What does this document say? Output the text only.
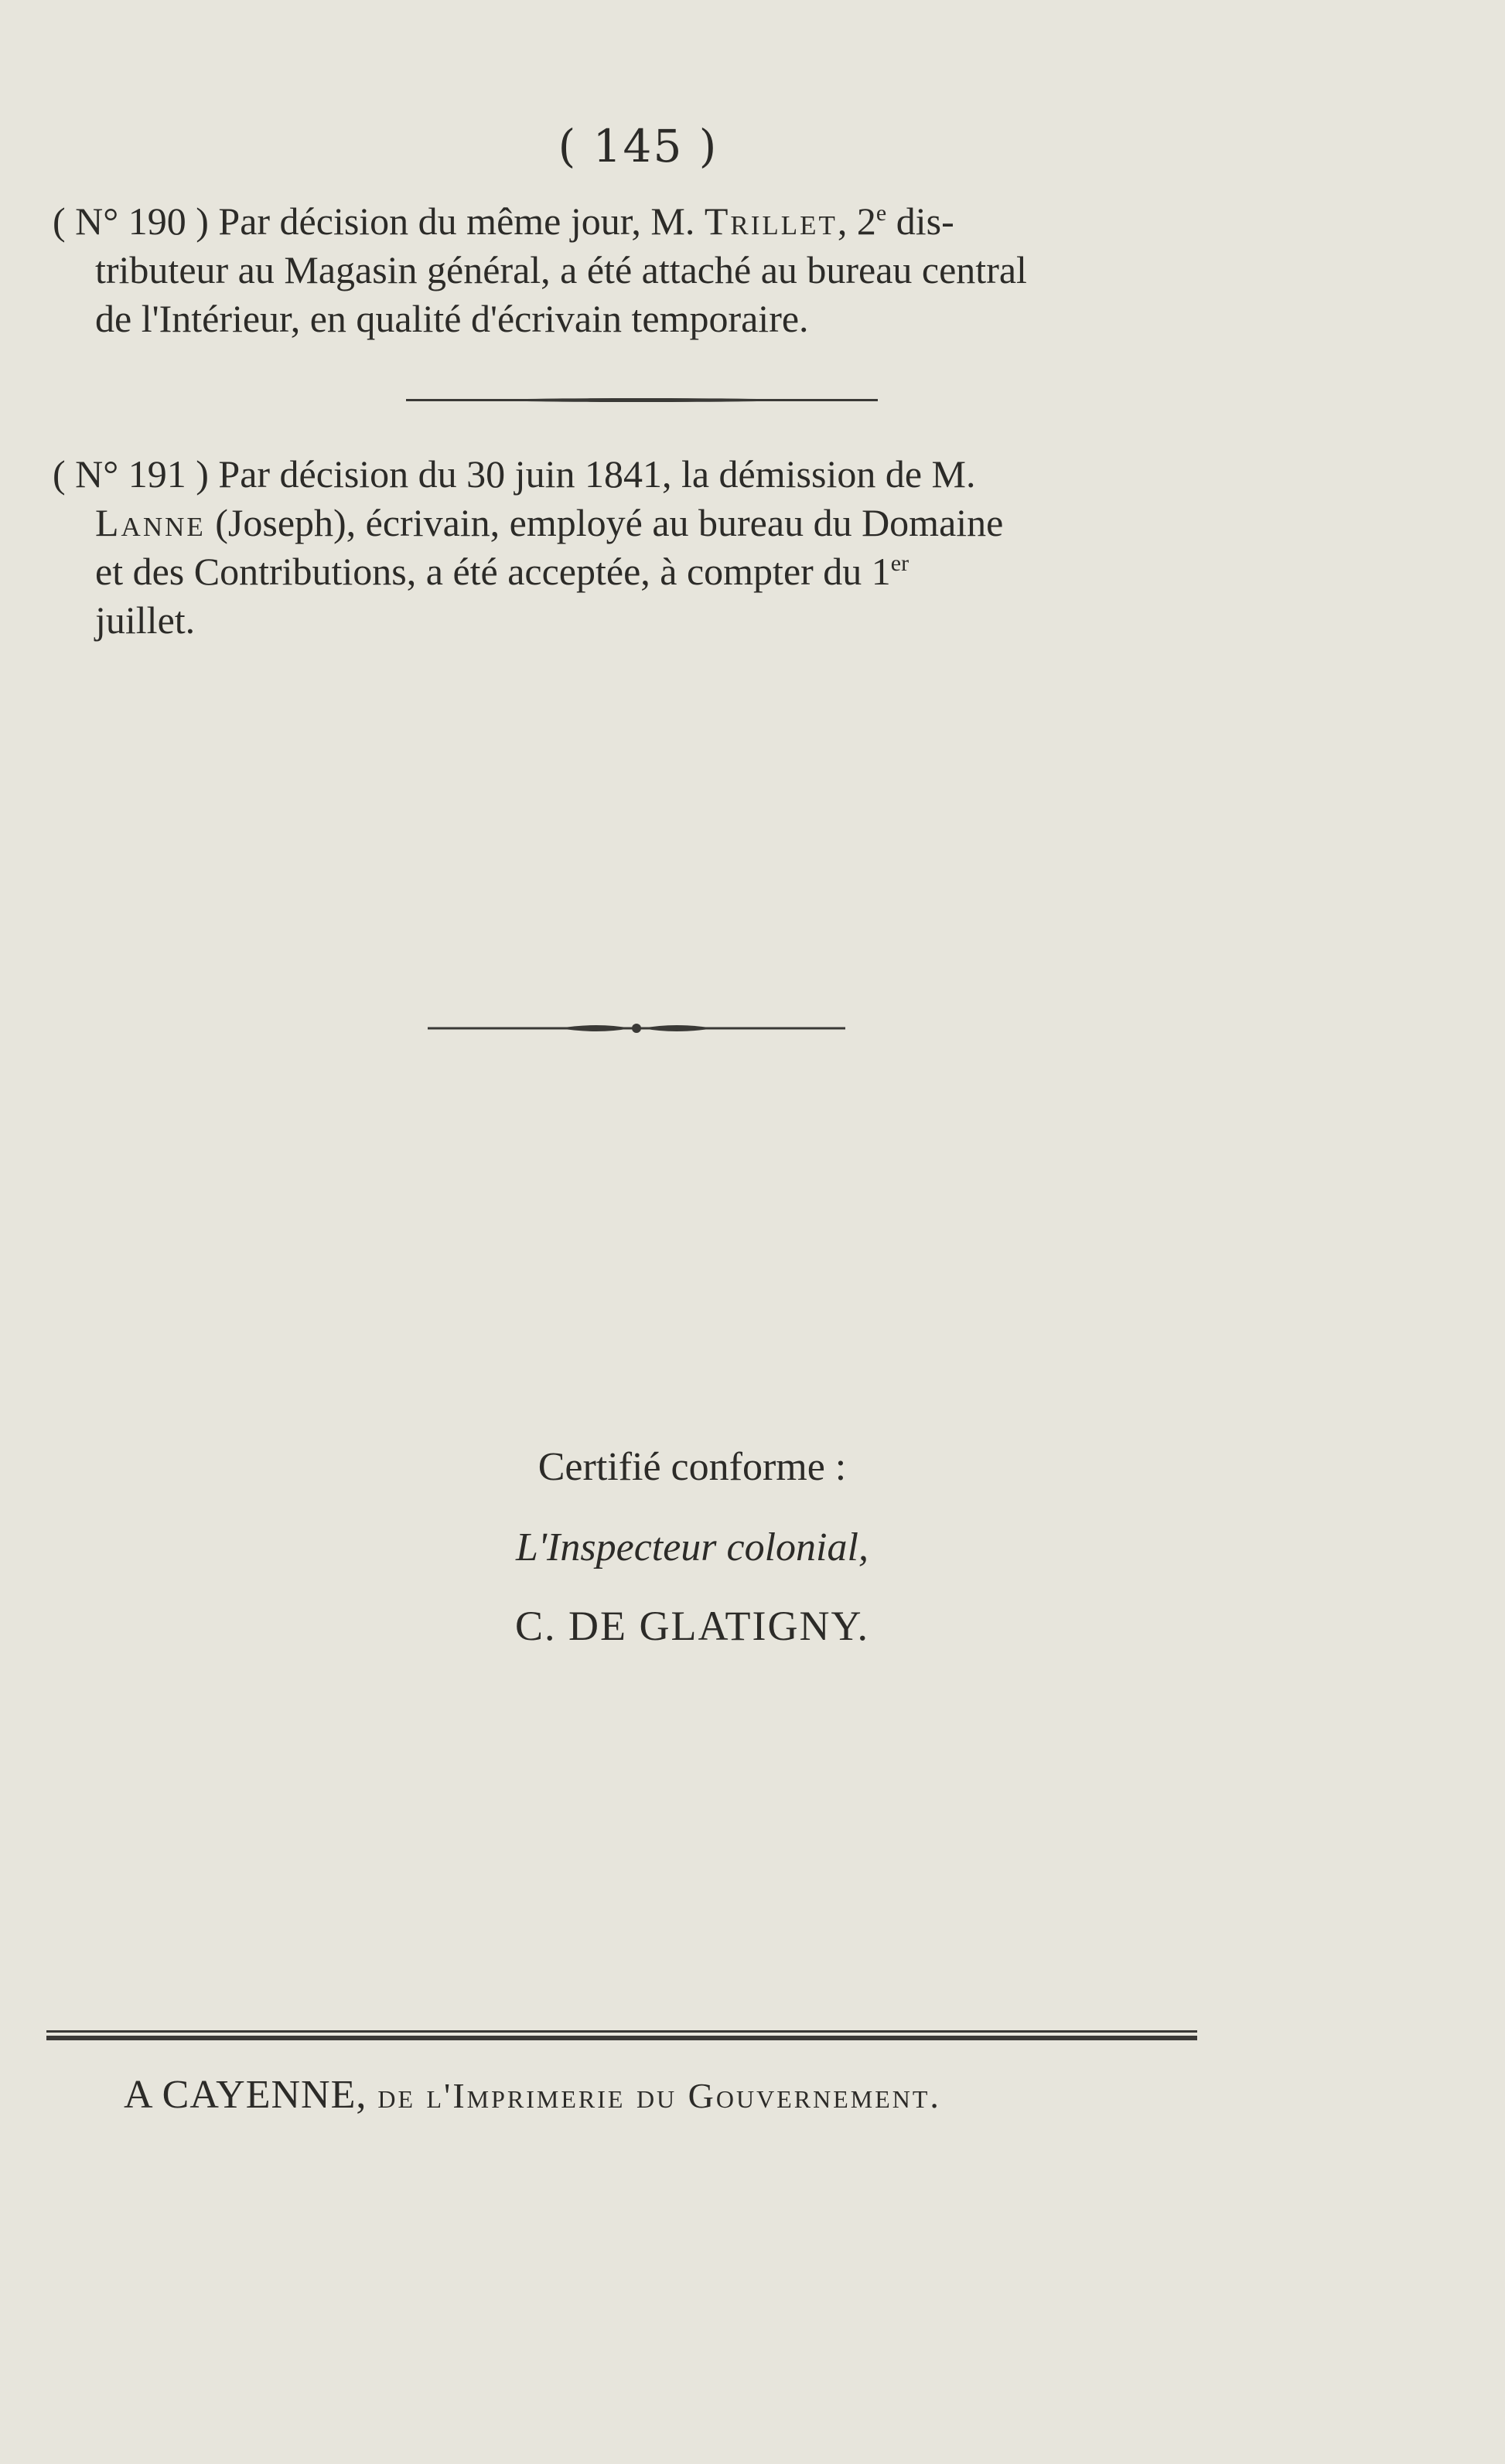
( 145 )
( N° 190 ) Par décision du même jour, M. Trillet, 2e dis-
tributeur au Magasin général, a été attaché au bureau central
de l'Intérieur, en qualité d'écrivain temporaire.
( N° 191 ) Par décision du 30 juin 1841, la démission de M.
Lanne (Joseph), écrivain, employé au bureau du Domaine
et des Contributions, a été acceptée, à compter du 1er
juillet.
Certifié conforme :
L'Inspecteur colonial,
C. DE GLATIGNY.
A CAYENNE, de l'Imprimerie du Gouvernement.
